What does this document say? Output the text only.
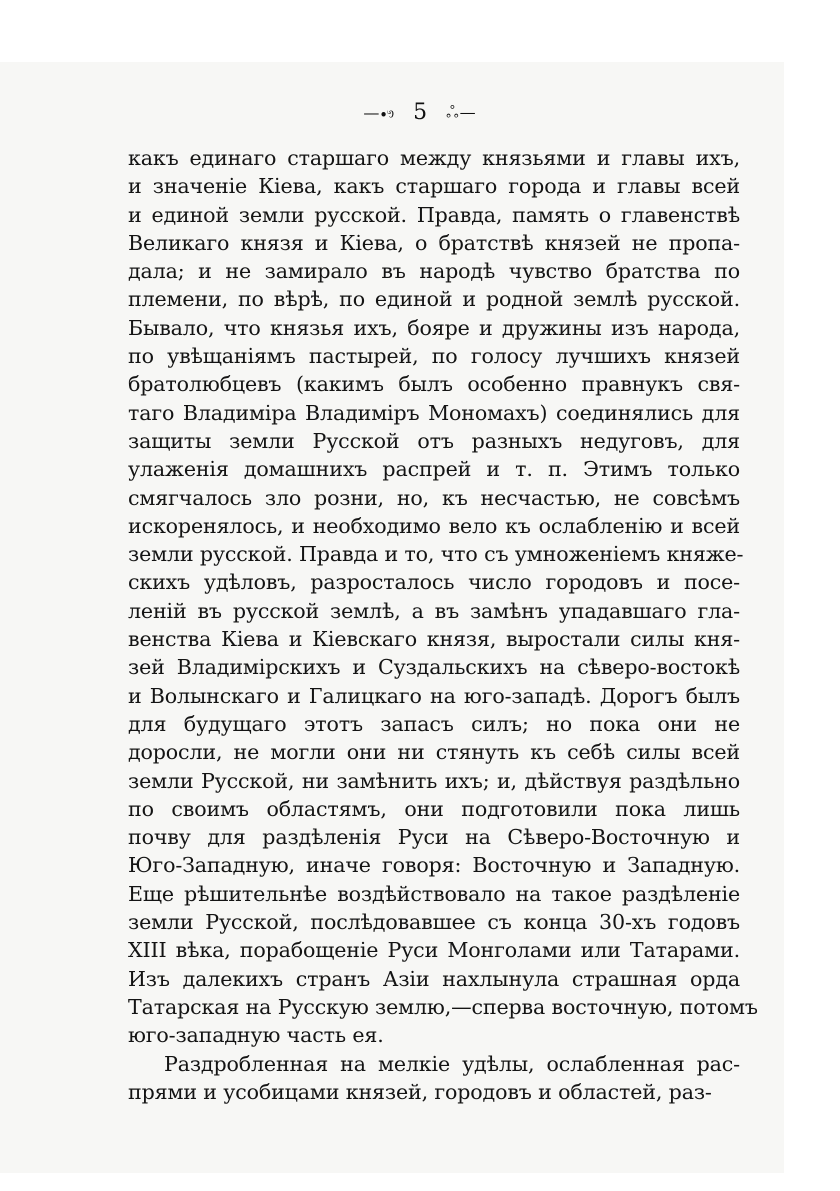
—•ෟ 5 ஃ—
какъ единаго старшаго между князьями и главы ихъ,
и значенiе Кiева, какъ старшаго города и главы всей
и единой земли русской. Правда, память о главенствѣ
Великаго князя и Кiева, о братствѣ князей не пропа-
дала; и не замирало въ народѣ чувство братства по
племени, по вѣрѣ, по единой и родной землѣ русской.
Бывало, что князья ихъ, бояре и дружины изъ народа,
по увѣщанiямъ пастырей, по голосу лучшихъ князей
братолюбцевъ (какимъ былъ особенно правнукъ свя-
таго Владимiра Владимiръ Мономахъ) соединялись для
защиты земли Русской отъ разныхъ недуговъ, для
улаженiя домашнихъ распрей и т. п. Этимъ только
смягчалось зло розни, но, къ несчастью, не совсѣмъ
искоренялось, и необходимо вело къ ослабленiю и всей
земли русской. Правда и то, что съ умноженiемъ княже-
скихъ удѣловъ, разросталось число городовъ и посе-
ленiй въ русской землѣ, а въ замѣнъ упадавшаго гла-
венства Кiева и Кiевскаго князя, выростали силы кня-
зей Владимiрскихъ и Суздальскихъ на сѣверо-востокѣ
и Волынскаго и Галицкаго на юго-западѣ. Дорогъ былъ
для будущаго этотъ запасъ силъ; но пока они не
доросли, не могли они ни стянуть къ себѣ силы всей
земли Русской, ни замѣнить ихъ; и, дѣйствуя раздѣльно
по своимъ областямъ, они подготовили пока лишь
почву для раздѣленiя Руси на Сѣверо-Восточную и
Юго-Западную, иначе говоря: Восточную и Западную.
Еще рѣшительнѣе воздѣйствовало на такое раздѣленiе
земли Русской, послѣдовавшее съ конца 30-хъ годовъ
XIII вѣка, порабощенiе Руси Монголами или Татарами.
Изъ далекихъ странъ Азiи нахлынула страшная орда
Татарская на Русскую землю,—сперва восточную, потомъ
юго-западную часть ея.
Раздробленная на мелкiе удѣлы, ослабленная рас-
прями и усобицами князей, городовъ и областей, раз-
